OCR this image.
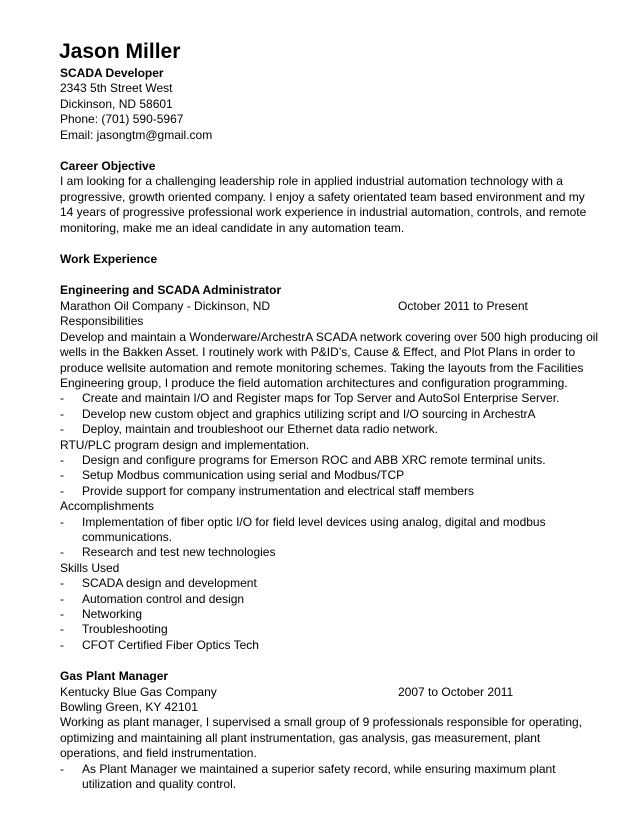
Jason Miller
SCADA Developer
2343 5th Street West
Dickinson, ND 58601
Phone: (701) 590-5967
Email: jasongtm@gmail.com
Career Objective
I am looking for a challenging leadership role in applied industrial automation technology with a
progressive, growth oriented company. I enjoy a safety orientated team based environment and my
14 years of progressive professional work experience in industrial automation, controls, and remote
monitoring, make me an ideal candidate in any automation team.
Work Experience
Engineering and SCADA Administrator
Marathon Oil Company - Dickinson, ND	October 2011 to Present
Responsibilities
Develop and maintain a Wonderware/ArchestrA SCADA network covering over 500 high producing oil
wells in the Bakken Asset. I routinely work with P&ID’s, Cause & Effect, and Plot Plans in order to
produce wellsite automation and remote monitoring schemes. Taking the layouts from the Facilities
Engineering group, I produce the field automation architectures and configuration programming.
- Create and maintain I/O and Register maps for Top Server and AutoSol Enterprise Server.
- Develop new custom object and graphics utilizing script and I/O sourcing in ArchestrA
- Deploy, maintain and troubleshoot our Ethernet data radio network.
RTU/PLC program design and implementation.
- Design and configure programs for Emerson ROC and ABB XRC remote terminal units.
- Setup Modbus communication using serial and Modbus/TCP
- Provide support for company instrumentation and electrical staff members
Accomplishments
- Implementation of fiber optic I/O for field level devices using analog, digital and modbus
communications.
- Research and test new technologies
Skills Used
- SCADA design and development
- Automation control and design
- Networking
- Troubleshooting
- CFOT Certified Fiber Optics Tech
Gas Plant Manager
Kentucky Blue Gas Company	2007 to October 2011
Bowling Green, KY 42101
Working as plant manager, I supervised a small group of 9 professionals responsible for operating,
optimizing and maintaining all plant instrumentation, gas analysis, gas measurement, plant
operations, and field instrumentation.
- As Plant Manager we maintained a superior safety record, while ensuring maximum plant
utilization and quality control.
